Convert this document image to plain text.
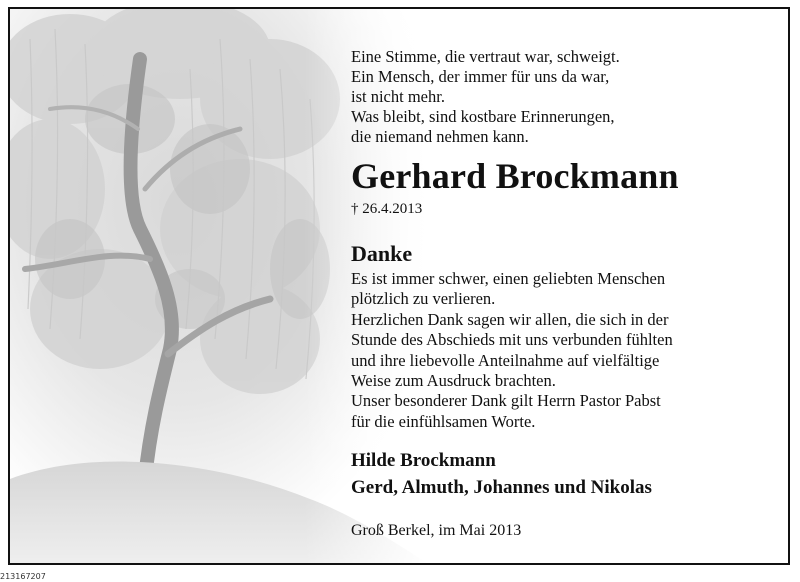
Eine Stimme, die vertraut war, schweigt.
Ein Mensch, der immer für uns da war,
ist nicht mehr.
Was bleibt, sind kostbare Erinnerungen,
die niemand nehmen kann.
Gerhard Brockmann
† 26.4.2013
Danke
Es ist immer schwer, einen geliebten Menschen
plötzlich zu verlieren.
Herzlichen Dank sagen wir allen, die sich in der
Stunde des Abschieds mit uns verbunden fühlten
und ihre liebevolle Anteilnahme auf vielfältige
Weise zum Ausdruck brachten.
Unser besonderer Dank gilt Herrn Pastor Pabst
für die einfühlsamen Worte.
Hilde Brockmann
Gerd, Almuth, Johannes und Nikolas
Groß Berkel, im Mai 2013
213167207
